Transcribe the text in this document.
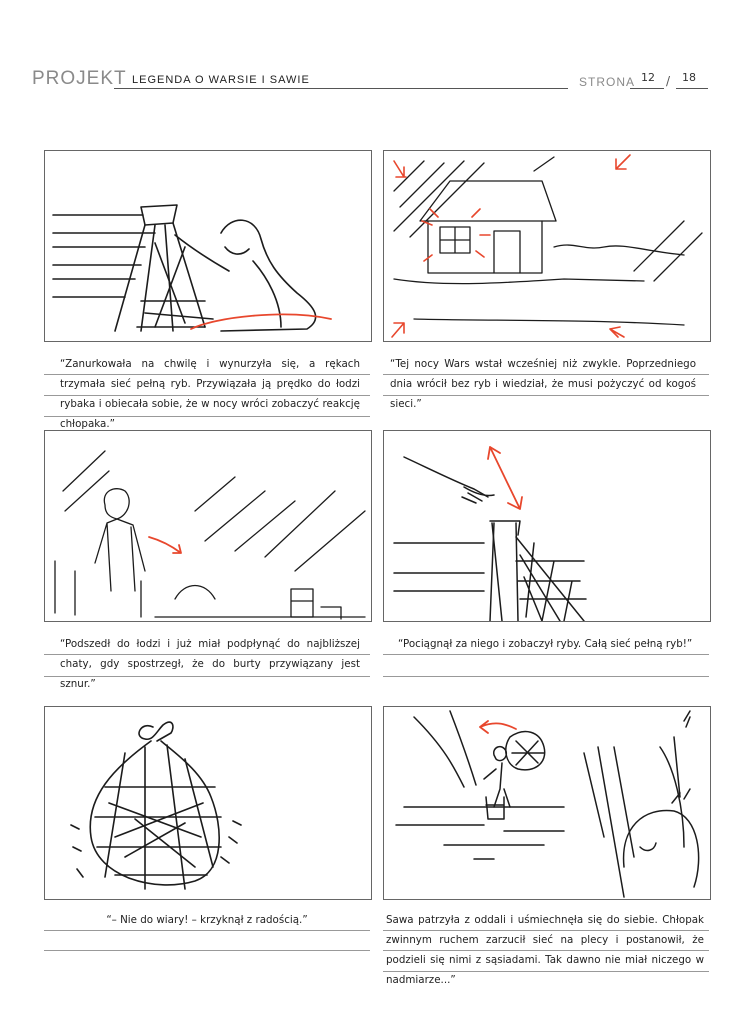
PROJEKT LEGENDA O WARSIE I SAWIE	STRONA 12 /	18
“Zanurkowała na chwilę i wynurzyła się, a rękach trzymała sieć pełną ryb. Przywiązała ją prędko do łodzi rybaka i obiecała sobie, że w nocy wróci zobaczyć reakcję chłopaka.”
“Tej nocy Wars wstał wcześniej niż zwykle. Poprzedniego dnia wrócił bez ryb i wiedział, że musi pożyczyć od kogoś sieci.”
“Podszedł do łodzi i już miał podpłynąć do najbliższej chaty, gdy spostrzegł, że do burty przywiązany jest sznur.”
“Pociągnął za niego i zobaczył ryby. Całą sieć pełną ryb!”
“– Nie do wiary! – krzyknął z radością.”	Sawa patrzyła z oddali i uśmiechnęła się do siebie. Chłopak zwinnym ruchem zarzucił sieć na plecy i postanowił, że podzieli się nimi z sąsiadami. Tak dawno nie miał niczego w nadmiarze...”
